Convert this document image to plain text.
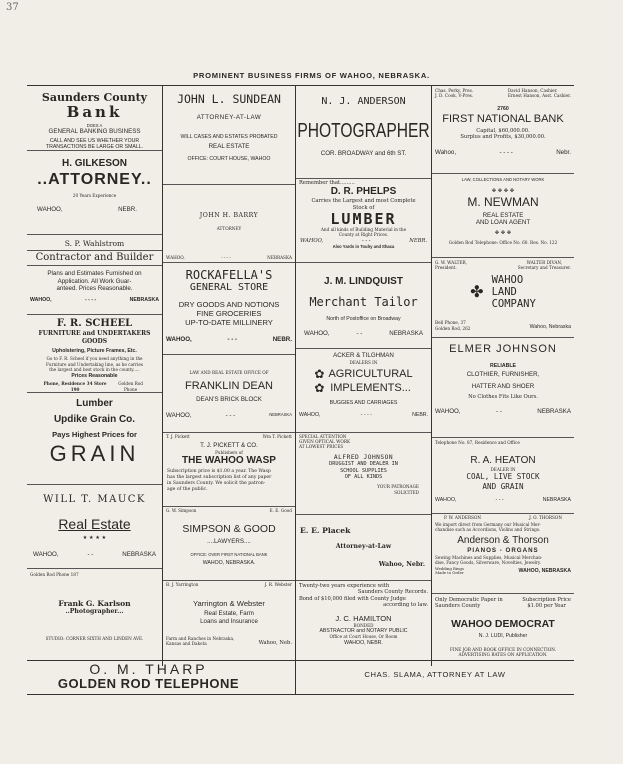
37
PROMINENT BUSINESS FIRMS OF WAHOO, NEBRASKA.
Saunders County
Bank
DOES A
GENERAL BANKING BUSINESS
CALL AND SEE US WHETHER YOUR
TRANSACTIONS BE LARGE OR SMALL.
H. GILKESON
..ATTORNEY..
20 Years Experience
WAHOO,	NEBR.
S. P. Wahlstrom
Contractor and Builder
Plans and Estimates Furnished on
Application. All Work Guar-
anteed. Prices Reasonable.
WAHOO,	- - - -	NEBRASKA
F. R. SCHEEL
FURNITURE and UNDERTAKERS GOODS
Upholstering, Picture Frames, Etc.
Go to F. R. Scheel if you need anything in the
Furniture and Undertaking line, as he carries
the largest and best stock in the county.....
Prices Reasonable
Phone, Residence 34 Store 190
Golden Rod Phone
Lumber
Updike Grain Co.
Pays Highest Prices for
GRAIN
WILL T. MAUCK
Real Estate
★ ★ ★ ★
WAHOO,	- -	NEBRASKA
Golden Rod Phone 187
Frank G. Karlson
..Photographer...
STUDIO: CORNER SIXTH AND LINDEN AVE.
JOHN L. SUNDEAN
ATTORNEY-AT-LAW
WILL CASES AND ESTATES PROBATED
REAL ESTATE
OFFICE: COURT HOUSE, WAHOO
JOHN H. BARRY
ATTORNEY
WAHOO,	- - - -	NEBRASKA
ROCKAFELLA'S
GENERAL STORE
DRY GOODS AND NOTIONS
FINE GROCERIES
UP-TO-DATE MILLINERY
WAHOO,	- - -	NEBR.
LAW AND REAL ESTATE OFFICE OF
FRANKLIN DEAN
DEAN'S BRICK BLOCK
WAHOO,	- - -	NEBRASKA
T. J. Pickett	Wm T. Pickett
T. J. PICKETT & CO.
Publishers of
THE WAHOO WASP
Subscription price is $1.00 a year. The Wasp
has the largest subscription list of any paper
in Saunders County. We solicit the patron-
age of the public.
G. W. Simpson	E. E. Good
SIMPSON & GOOD
....LAWYERS....
OFFICE: OVER FIRST NATIONAL BANK
WAHOO, NEBRASKA.
B. J. Yarrington	J. R. Webster
Yarrington & Webster
Real Estate, Farm
Loans and Insurance
Farm and Ranches in Nebraska,
Kansas and Dakota	Wahoo, Neb.
N. J. ANDERSON
PHOTOGRAPHER
COR. BROADWAY and 6th ST.
Remember that.........
D. R. PHELPS
Carries the Largest and most Complete
Stock of
LUMBER
And all kinds of Building Material in the
County at Right Prices.
WAHOO,	- - -	NEBR.
Also Yards in Touhy and Ithaca
J. M. LINDQUIST
Merchant Tailor
North of Postoffice on Broadway
WAHOO,	- -	NEBRASKA
ACKER & TILGHMAN
DEALERS IN
✿
✿
AGRICULTURAL
IMPLEMENTS...
BUGGIES AND CARRIAGES
WAHOO,	- - - -	NEBR.
SPECIAL ATTENTION
GIVEN OPTICAL WORK
AT LOWEST PRICES
ALFRED JOHNSON
DRUGGIST AND DEALER IN
SCHOOL SUPPLIES
OF ALL KINDS
YOUR PATRONAGE
SOLICITED
E. E. Placek
Attorney-at-Law
Wahoo, Nebr.
Twenty-two years experience with
Saunders County Records.
Bond of $10,000 filed with County Judge
according to law.
J. C. HAMILTON
BONDED
ABSTRACTOR and NOTARY PUBLIC
Office at Court House, Or Room
WAHOO, NEBR.
Chas. Perky, Pres.
J. D. Cook, V-Pres.
David Hanson, Cashier.
Ernest Hanson, Asst. Cashier.
2760
FIRST NATIONAL BANK
Capital, $60,000.00.
Surplus and Profits, $30,000.00.
Wahoo,	- - - -	Nebr.
LAW, COLLECTIONS AND NOTARY WORK
✤ ✤ ✤ ✤
M. NEWMAN
REAL ESTATE
AND LOAN AGENT
✤ ✤ ✤
Golden Rod Telephone: Office No. 60. Res. No. 122
G. W. WALTER,
President.
WALTER DIVAN,
Secretary and Treasurer.
✤
WAHOO
LAND
COMPANY
Bell Phone, 37
Golden Rod, 262	Wahoo, Nebraska
ELMER JOHNSON
RELIABLE
CLOTHIER, FURNISHER,
HATTER AND SHOER
No Clothes Fits Like Ours.
WAHOO,	- -	NEBRASKA
Telephone No. 87, Residence and Office
R. A. HEATON
DEALER IN
COAL, LIVE STOCK
AND GRAIN
WAHOO,	- - -	NEBRASKA
P. W. ANDERSON	J. O. THORSON
We import direct from Germany our Musical Mer-
chandise such as Accordions, Violins and Strings.
Anderson & Thorson
PIANOS - ORGANS
Sewing Machines and Supplies, Musical Merchan-
dise, Fancy Goods, Silverware, Novelties, Jewelry.
Wedding Rings
Made to Order	WAHOO, NEBRASKA
Only Democratic Paper in
Saunders County
Subscription Price
$1.00 per Year
WAHOO DEMOCRAT
N. J. LUDI, Publisher
FINE JOB AND BOOK OFFICE IN CONNECTION.
ADVERTISING RATES ON APPLICATION.
O. M. THARP
GOLDEN ROD TELEPHONE
CHAS. SLAMA, ATTORNEY AT LAW
